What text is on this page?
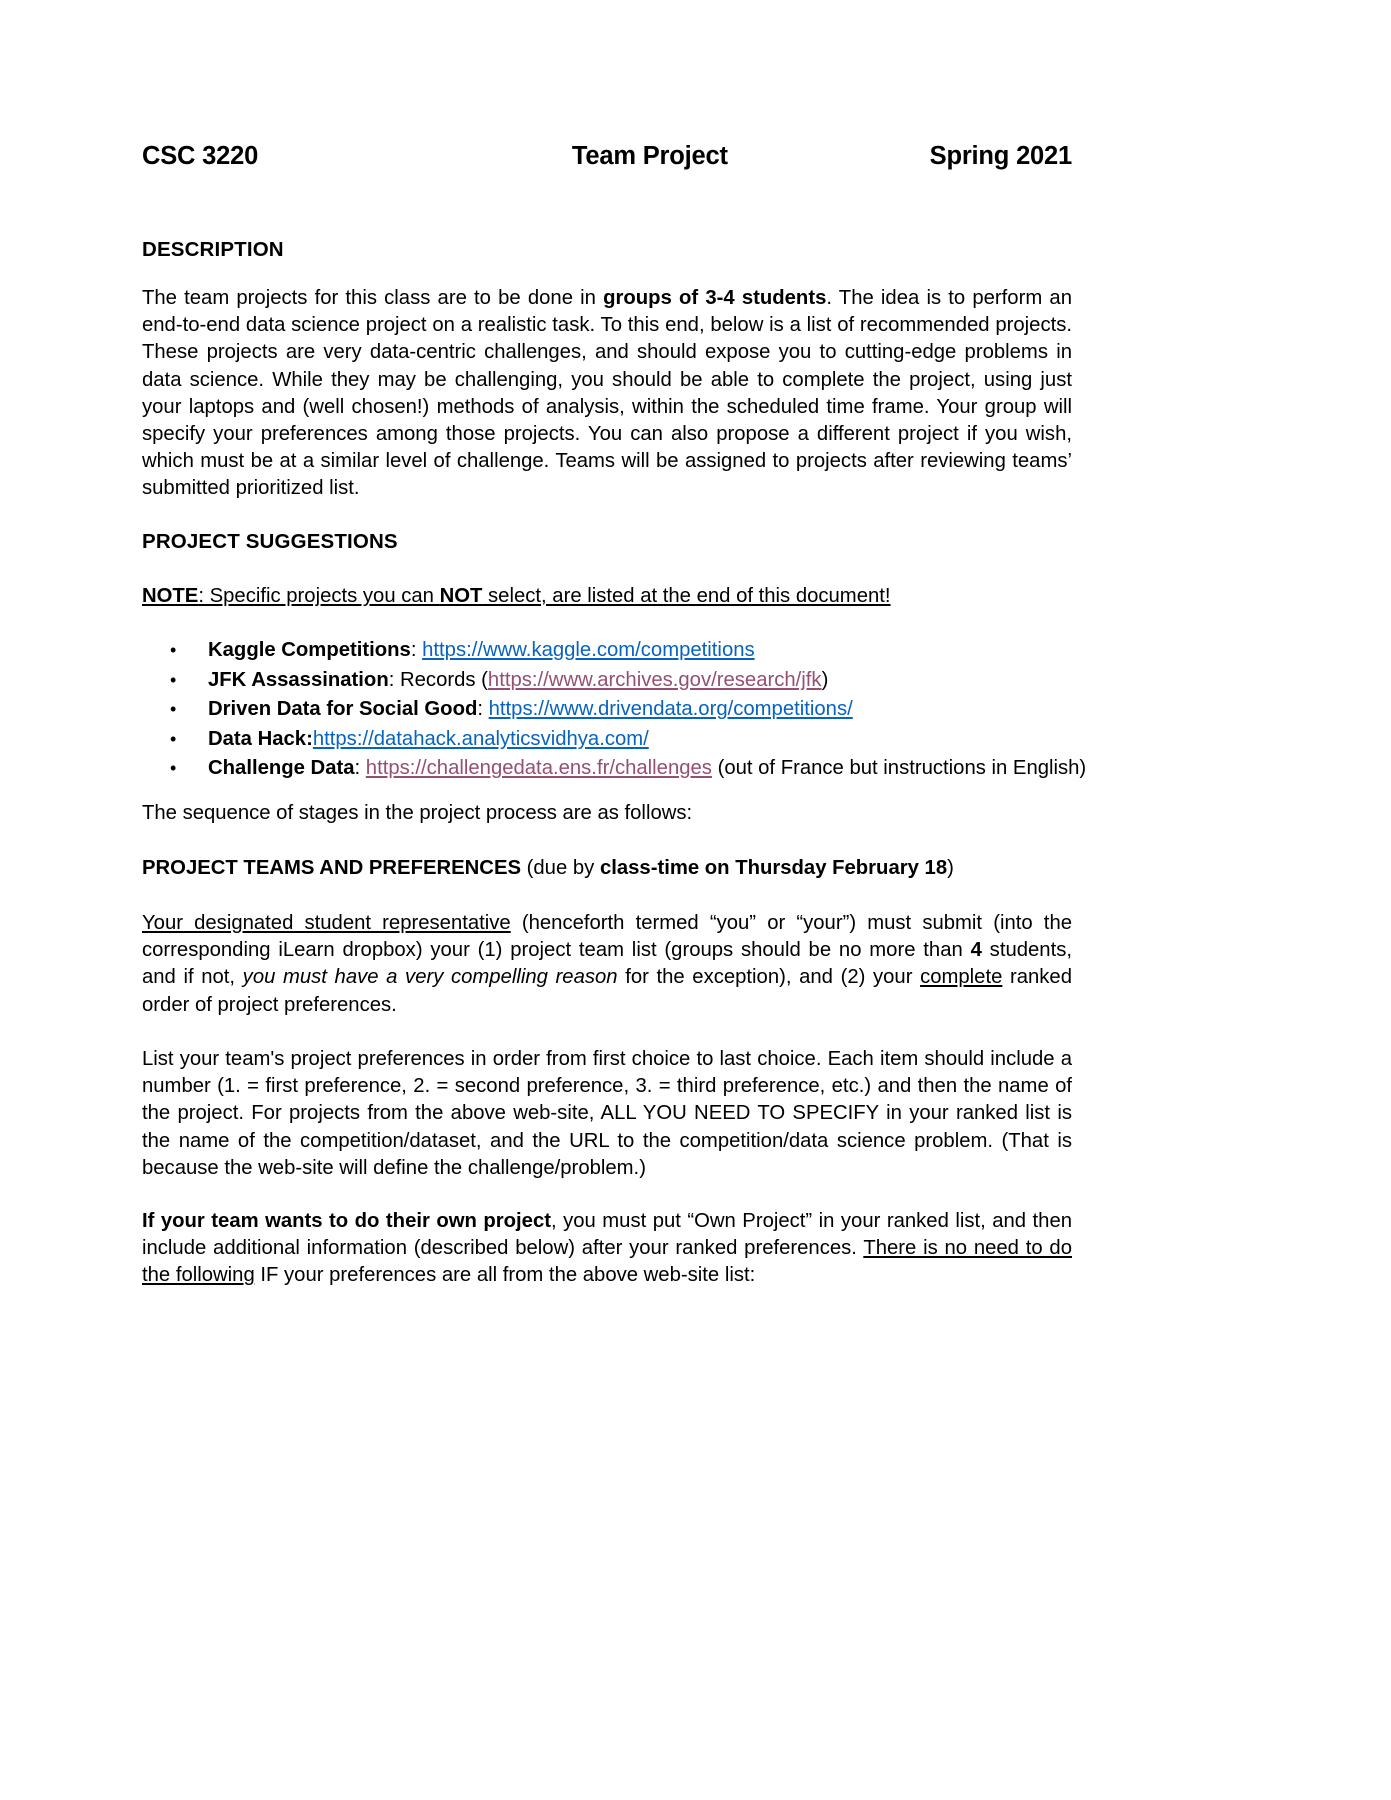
CSC 3220	Team Project	Spring 2021
DESCRIPTION

The team projects for this class are to be done in groups of 3-4 students. The idea is to perform an end-to-end data science project on a realistic task. To this end, below is a list of recommended projects. These projects are very data-centric challenges, and should expose you to cutting-edge problems in data science. While they may be challenging, you should be able to complete the project, using just your laptops and (well chosen!) methods of analysis, within the scheduled time frame. Your group will specify your preferences among those projects. You can also propose a different project if you wish, which must be at a similar level of challenge. Teams will be assigned to projects after reviewing teams’ submitted prioritized list.

PROJECT SUGGESTIONS

NOTE: Specific projects you can NOT select, are listed at the end of this document!

• Kaggle Competitions: https://www.kaggle.com/competitions
• JFK Assassination: Records (https://www.archives.gov/research/jfk)
• Driven Data for Social Good: https://www.drivendata.org/competitions/
• Data Hack:https://datahack.analyticsvidhya.com/
• Challenge Data: https://challengedata.ens.fr/challenges (out of France but instructions in English)

The sequence of stages in the project process are as follows:

PROJECT TEAMS AND PREFERENCES (due by class-time on Thursday February 18)

Your designated student representative (henceforth termed “you” or “your”) must submit (into the corresponding iLearn dropbox) your (1) project team list (groups should be no more than 4 students, and if not, you must have a very compelling reason for the exception), and (2) your complete ranked order of project preferences.

List your team's project preferences in order from first choice to last choice. Each item should include a number (1. = first preference, 2. = second preference, 3. = third preference, etc.) and then the name of the project. For projects from the above web-site, ALL YOU NEED TO SPECIFY in your ranked list is the name of the competition/dataset, and the URL to the competition/data science problem. (That is because the web-site will define the challenge/problem.)

If your team wants to do their own project, you must put “Own Project” in your ranked list, and then include additional information (described below) after your ranked preferences. There is no need to do the following IF your preferences are all from the above web-site list:
